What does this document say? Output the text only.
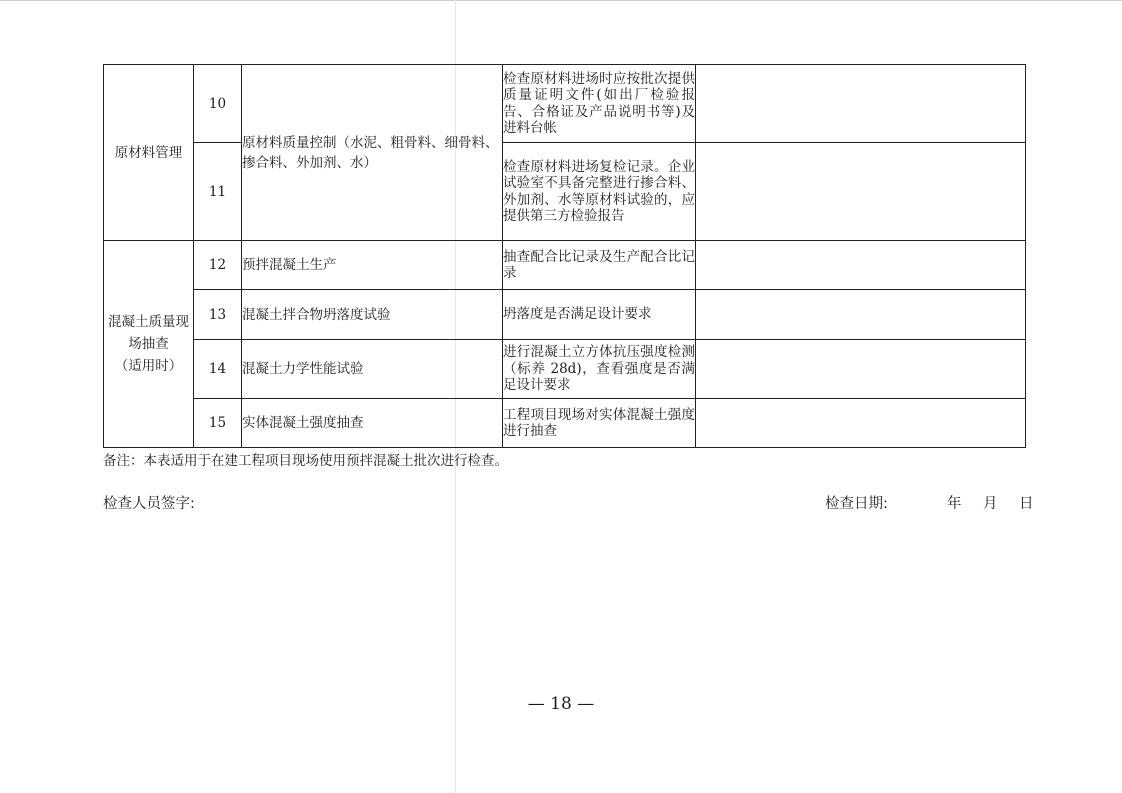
原材料管理	10	原材料质量控制（水泥、粗骨料、细骨料、掺合料、外加剂、水）	检查原材料进场时应按批次提供质量证明文件(如出厂检验报告、合格证及产品说明书等)及进料台帐	
	11		检查原材料进场复检记录。企业试验室不具备完整进行掺合料、外加剂、水等原材料试验的，应提供第三方检验报告	

混凝土质量现
场抽查
（适用时）	12	预拌混凝土生产	抽查配合比记录及生产配合比记录	
	13	混凝土拌合物坍落度试验	坍落度是否满足设计要求	
	14	混凝土力学性能试验	进行混凝土立方体抗压强度检测（标养 28d)，查看强度是否满足设计要求	
	15	实体混凝土强度抽查	工程项目现场对实体混凝土强度进行抽查	
备注：本表适用于在建工程项目现场使用预拌混凝土批次进行检查。
检查人员签字:	检查日期:	年 月 日
— 18 —
